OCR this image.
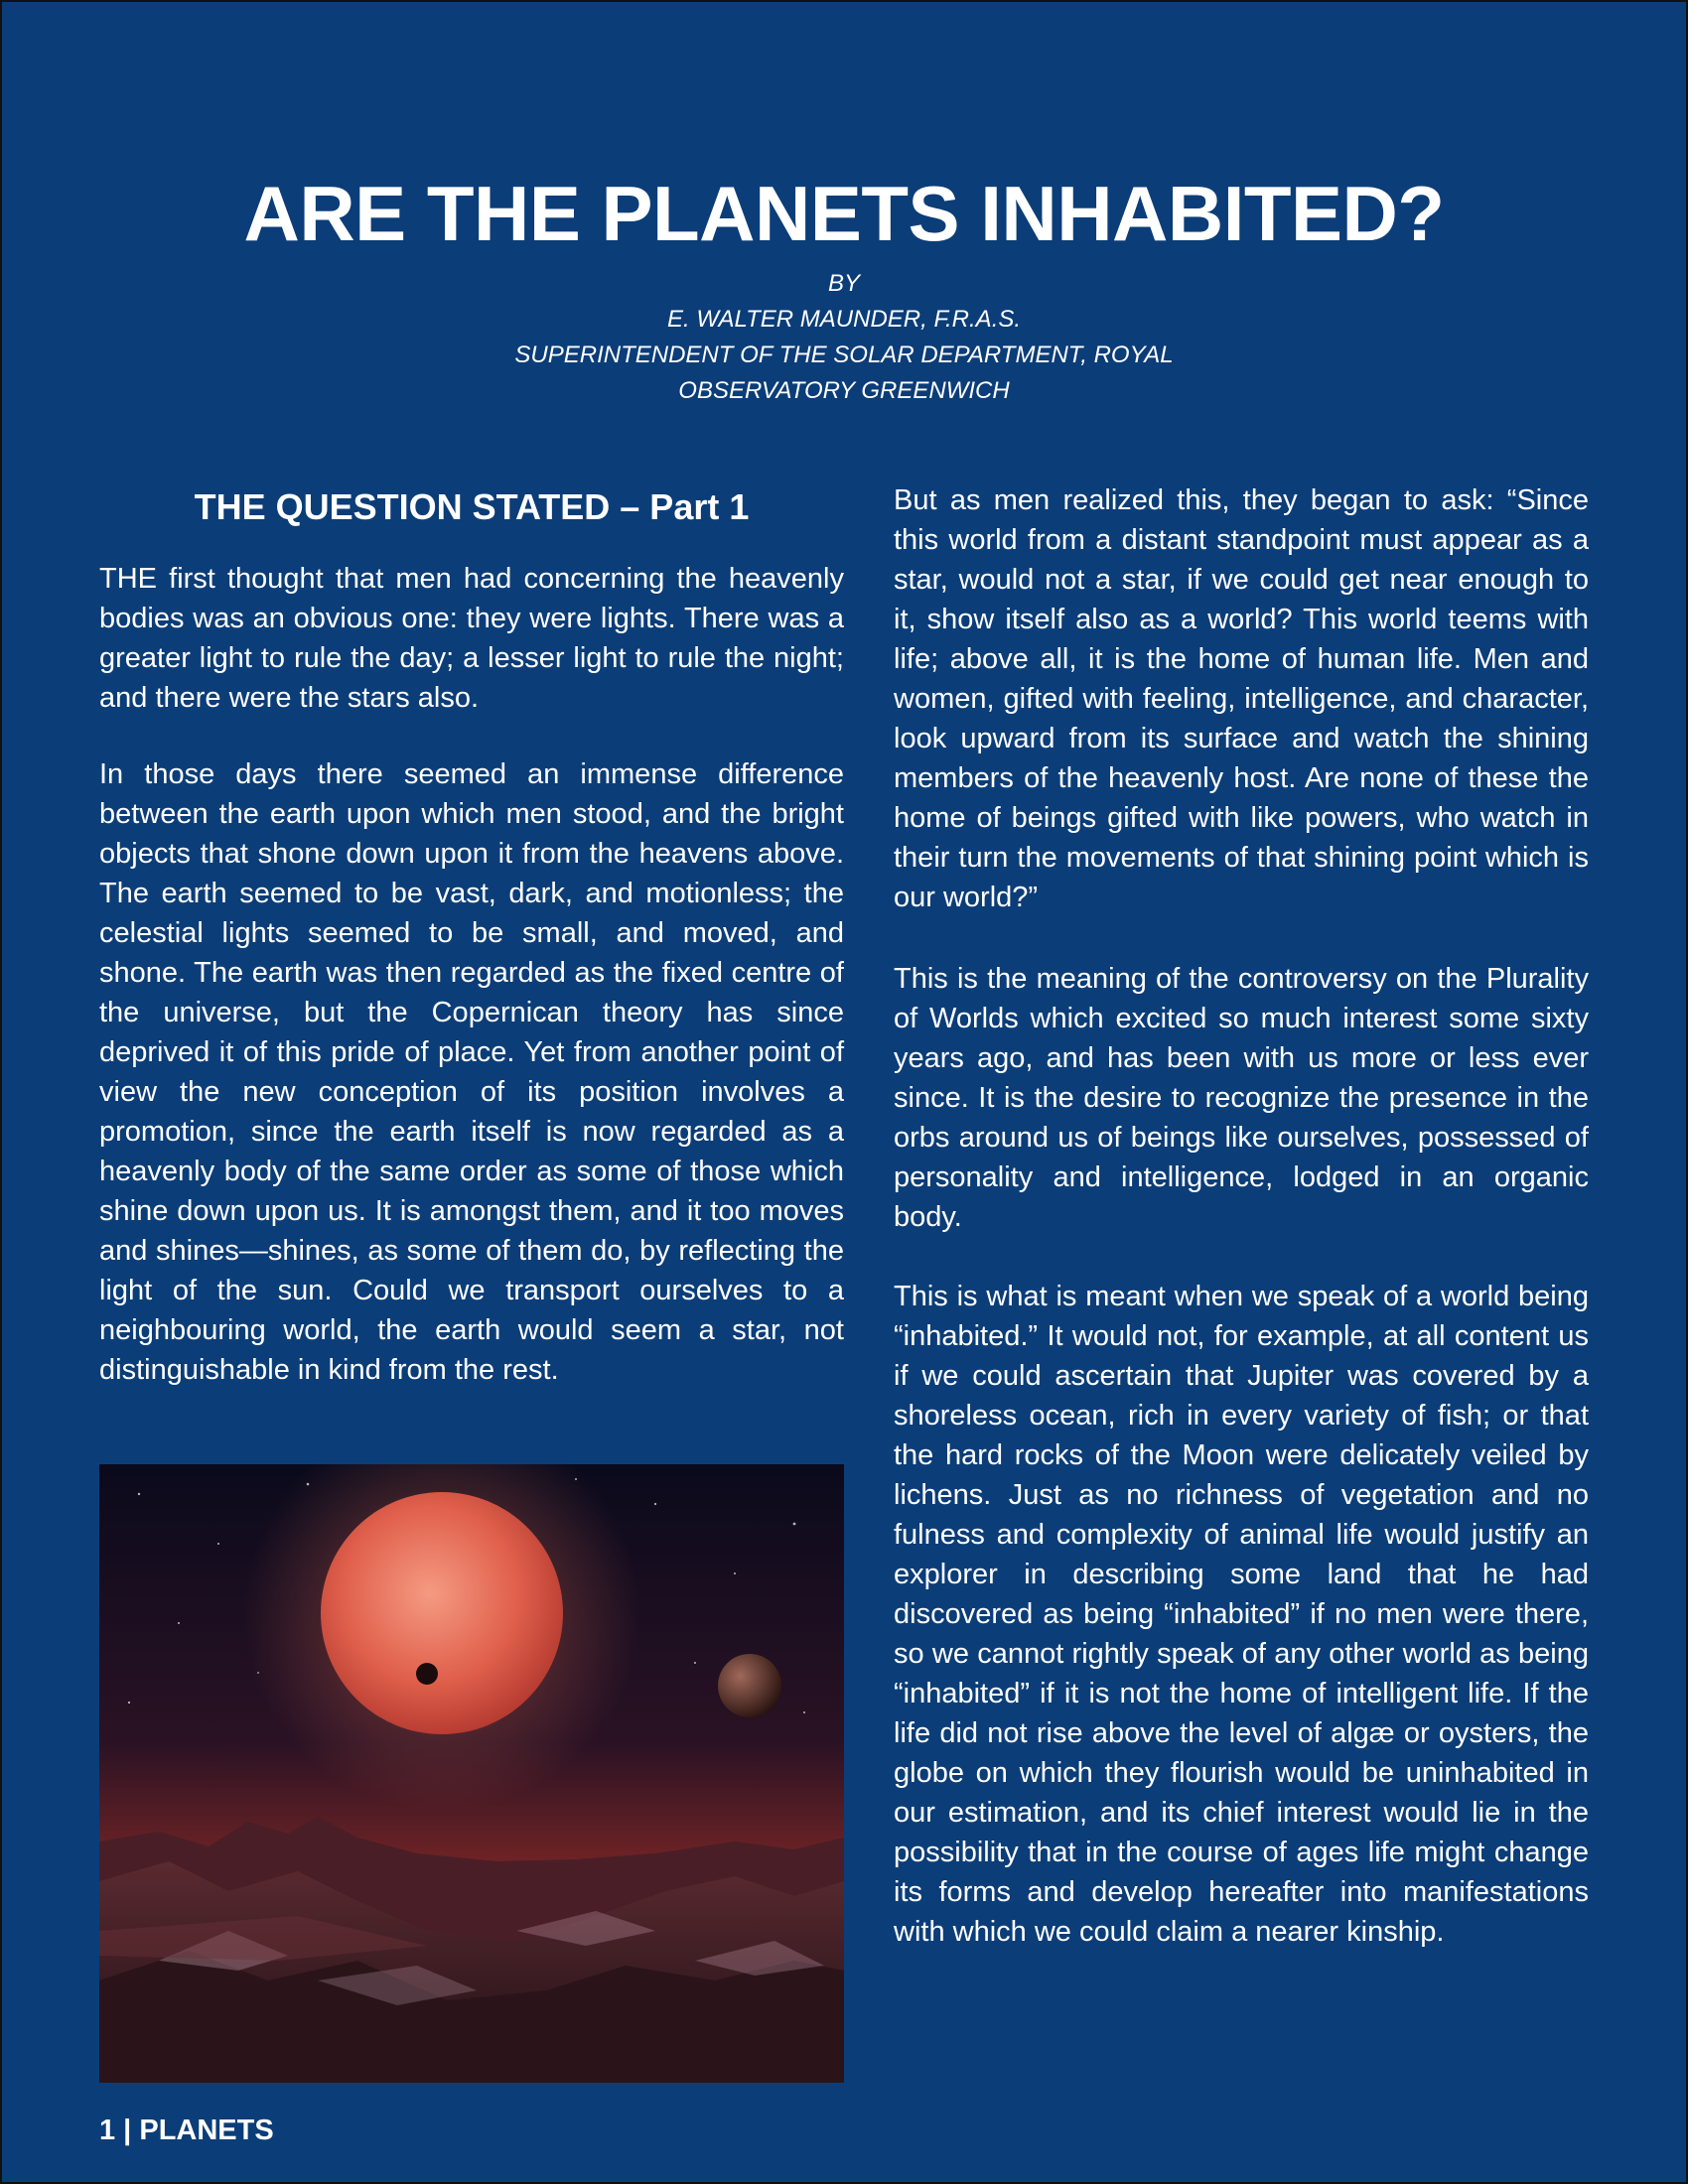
ARE THE PLANETS INHABITED?
BY
E. WALTER MAUNDER, F.R.A.S.
SUPERINTENDENT OF THE SOLAR DEPARTMENT, ROYAL
OBSERVATORY GREENWICH
THE QUESTION STATED – Part 1

THE first thought that men had concerning the heavenly bodies was an obvious one: they were lights. There was a greater light to rule the day; a lesser light to rule the night; and there were the stars also.

In those days there seemed an immense difference between the earth upon which men stood, and the bright objects that shone down upon it from the heavens above. The earth seemed to be vast, dark, and motionless; the celestial lights seemed to be small, and moved, and shone. The earth was then regarded as the fixed centre of the universe, but the Copernican theory has since deprived it of this pride of place. Yet from another point of view the new conception of its position involves a promotion, since the earth itself is now regarded as a heavenly body of the same order as some of those which shine down upon us. It is amongst them, and it too moves and shines—shines, as some of them do, by reflecting the light of the sun. Could we transport ourselves to a neighbouring world, the earth would seem a star, not distinguishable in kind from the rest.

But as men realized this, they began to ask: “Since this world from a distant standpoint must appear as a star, would not a star, if we could get near enough to it, show itself also as a world? This world teems with life; above all, it is the home of human life. Men and women, gifted with feeling, intelligence, and character, look upward from its surface and watch the shining members of the heavenly host. Are none of these the home of beings gifted with like powers, who watch in their turn the movements of that shining point which is our world?”

This is the meaning of the controversy on the Plurality of Worlds which excited so much interest some sixty years ago, and has been with us more or less ever since. It is the desire to recognize the presence in the orbs around us of beings like ourselves, possessed of personality and intelligence, lodged in an organic body.

This is what is meant when we speak of a world being “inhabited.” It would not, for example, at all content us if we could ascertain that Jupiter was covered by a shoreless ocean, rich in every variety of fish; or that the hard rocks of the Moon were delicately veiled by lichens. Just as no richness of vegetation and no fulness and complexity of animal life would justify an explorer in describing some land that he had discovered as being “inhabited” if no men were there, so we cannot rightly speak of any other world as being “inhabited” if it is not the home of intelligent life. If the life did not rise above the level of algæ or oysters, the globe on which they flourish would be uninhabited in our estimation, and its chief interest would lie in the possibility that in the course of ages life might change its forms and develop hereafter into manifestations with which we could claim a nearer kinship.

1 | PLANETS
